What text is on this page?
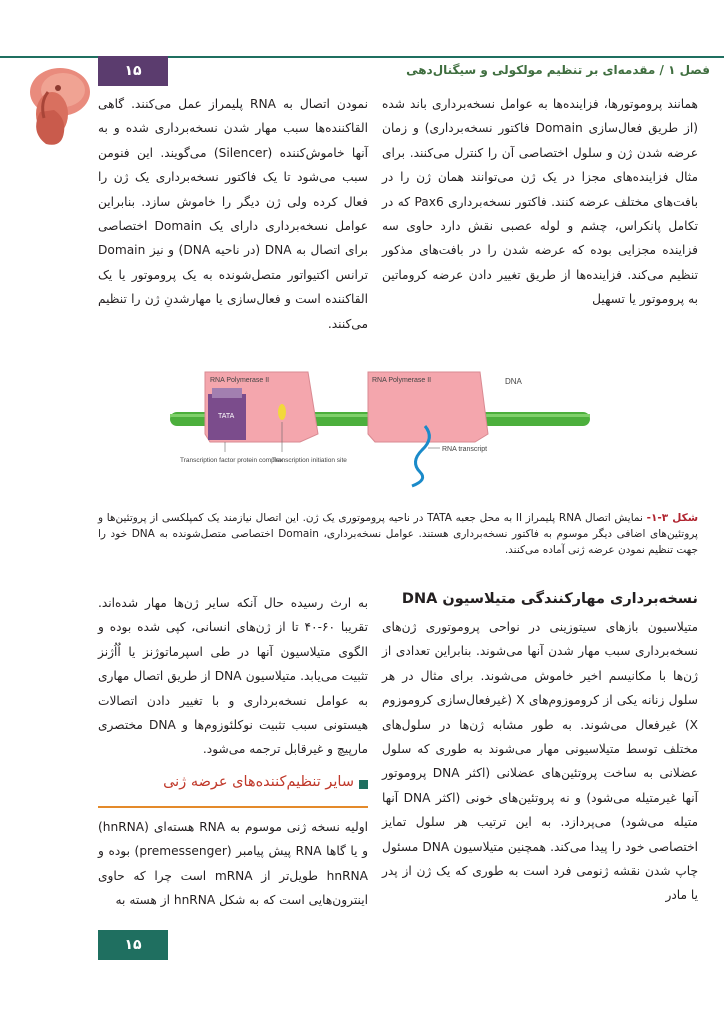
۱۵	فصل ۱ / مقدمه‌ای بر تنظیم مولکولی و سیگنال‌دهی

همانند پروموتورها، فزاینده‌ها به عوامل نسخه‌برداری باند شده (از طریق فعال‌سازی Domain فاکتور نسخه‌برداری) و زمان عرضه شدن ژن و سلول اختصاصی آن را کنترل می‌کنند. برای مثال فزاینده‌های مجزا در یک ژن می‌توانند همان ژن را در بافت‌های مختلف عرضه کنند. فاکتور نسخه‌برداری Pax6 که در تکامل پانکراس، چشم و لوله عصبی نقش دارد حاوی سه فزاینده مجزایی بوده که عرضه شدن را در بافت‌های مذکور تنظیم می‌کند. فزاینده‌ها از طریق تغییر دادن عرضه کروماتین به پروموتور یا تسهیل

نمودن اتصال به RNA پلیمراز عمل می‌کنند. گاهی القاکننده‌ها سبب مهار شدن نسخه‌برداری شده و به آنها خاموش‌کننده (Silencer) می‌گویند. این فنومن سبب می‌شود تا یک فاکتور نسخه‌برداری یک ژن را فعال کرده ولی ژن دیگر را خاموش سازد. بنابراین عوامل نسخه‌برداری دارای یک Domain اختصاصی برای اتصال به DNA (در ناحیه DNA) و نیز Domain ترانس اکتیواتور متصل‌شونده به یک پروموتور یا یک القاکننده است و فعال‌سازی یا مهارشدنِ ژن را تنظیم می‌کنند.

RNA Polymerase II
TATA
RNA Polymerase II	DNA
RNA transcript
Transcription factor protein complex
Transcription initiation site
شکل ۳-۱- نمایش اتصال RNA پلیمراز II به محل جعبه TATA در ناحیه پروموتوری یک ژن. این اتصال نیازمند یک کمپلکسی از پروتئین‌ها و پروتئین‌های اضافی دیگر موسوم به فاکتور نسخه‌برداری هستند. عوامل نسخه‌برداری، Domain اختصاصی متصل‌شونده به DNA خود را جهت تنظیم نمودن عرضه ژنی آماده می‌کنند.
نسخه‌برداری مهارکنندگی متیلاسیون DNA

متیلاسیون بازهای سیتوزینی در نواحی پروموتوری ژن‌های نسخه‌برداری سبب مهار شدن آنها می‌شوند. بنابراین تعدادی از ژن‌ها با مکانیسم اخیر خاموش می‌شوند. برای مثال در هر سلول زنانه یکی از کروموزوم‌های X (غیرفعال‌سازی کروموزوم X) غیرفعال می‌شوند. به طور مشابه ژن‌ها در سلول‌های مختلف توسط متیلاسیونی مهار می‌شوند به طوری که سلول عضلانی به ساخت پروتئین‌های عضلانی (اکثر DNA پروموتور آنها غیرمتیله می‌شود) و نه پروتئین‌های خونی (اکثر DNA آنها متیله می‌شود) می‌پردازد. به این ترتیب هر سلول تمایز اختصاصی خود را پیدا می‌کند. همچنین متیلاسیون DNA مسئول چاپ شدن نقشه ژنومی فرد است به طوری که یک ژن از پدر یا مادر

به ارث رسیده حال آنکه سایر ژن‌ها مهار شده‌اند. تقریبا ۶۰-۴۰ تا از ژن‌های انسانی، کپی شده بوده و الگوی متیلاسیون آنها در طی اسپرماتوژنز یا اُاُژنز تثبیت می‌یابد. متیلاسیون DNA از طریق اتصال مهاری به عوامل نسخه‌برداری و با تغییر دادن اتصالات هیستونی سبب تثبیت نوکلئوزوم‌ها و DNA مختصری مارپیچ و غیرقابل ترجمه می‌شود.

سایر تنظیم‌کننده‌های عرضه ژنی

اولیه نسخه ژنی موسوم به RNA هسته‌ای (hnRNA) و یا گاها RNA پیش پیامبر (premessenger) بوده و hnRNA طویل‌تر از mRNA است چرا که حاوی اینترون‌هایی است که به شکل hnRNA از هسته به

۱۵
